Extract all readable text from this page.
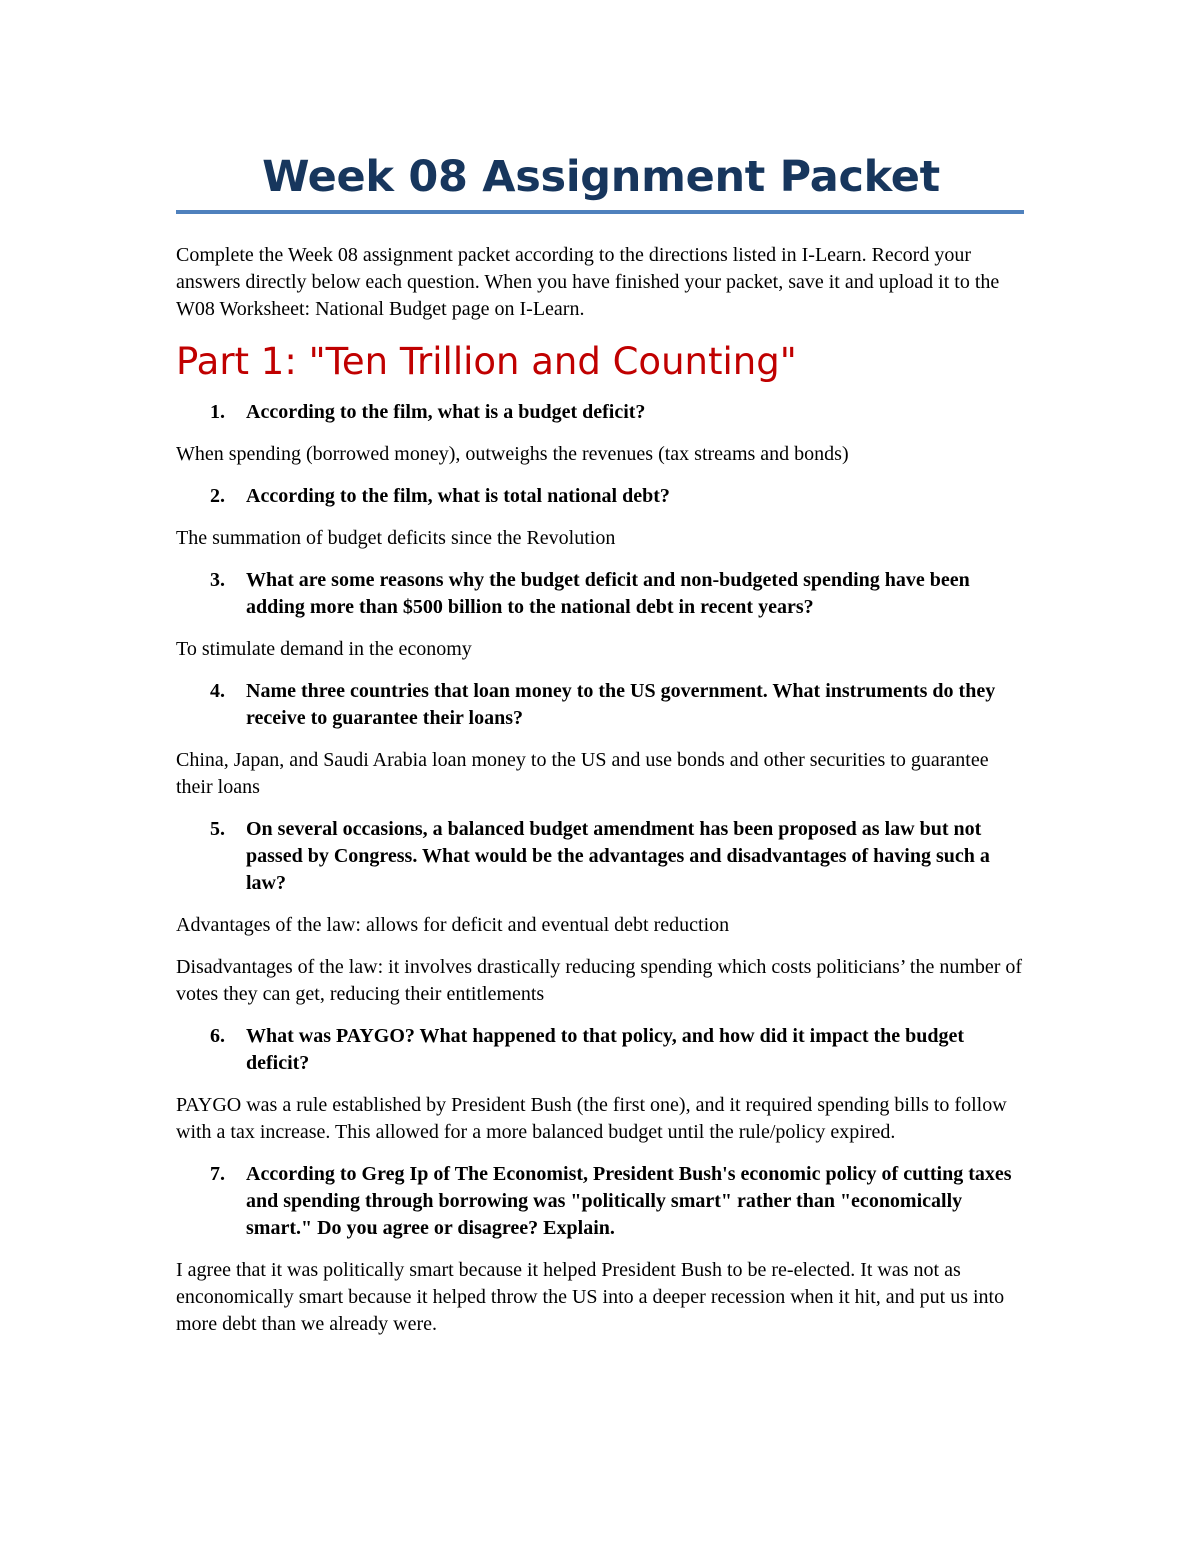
Week 08 Assignment Packet

Complete the Week 08 assignment packet according to the directions listed in I-Learn. Record your answers directly below each question. When you have finished your packet, save it and upload it to the W08 Worksheet: National Budget page on I-Learn.

Part 1: "Ten Trillion and Counting"
1.	According to the film, what is a budget deficit?

When spending (borrowed money), outweighs the revenues (tax streams and bonds)

2.	According to the film, what is total national debt?

The summation of budget deficits since the Revolution

3.	What are some reasons why the budget deficit and non-budgeted spending have been adding more than $500 billion to the national debt in recent years?

To stimulate demand in the economy

4.	Name three countries that loan money to the US government. What instruments do they receive to guarantee their loans?

China, Japan, and Saudi Arabia loan money to the US and use bonds and other securities to guarantee their loans

5.	On several occasions, a balanced budget amendment has been proposed as law but not passed by Congress. What would be the advantages and disadvantages of having such a law?

Advantages of the law: allows for deficit and eventual debt reduction

Disadvantages of the law: it involves drastically reducing spending which costs politicians’ the number of votes they can get, reducing their entitlements

6.	What was PAYGO? What happened to that policy, and how did it impact the budget deficit?

PAYGO was a rule established by President Bush (the first one), and it required spending bills to follow with a tax increase. This allowed for a more balanced budget until the rule/policy expired.

7.	According to Greg Ip of The Economist, President Bush's economic policy of cutting taxes and spending through borrowing was "politically smart" rather than "economically smart." Do you agree or disagree? Explain.

I agree that it was politically smart because it helped President Bush to be re-elected. It was not as enconomically smart because it helped throw the US into a deeper recession when it hit, and put us into more debt than we already were.
